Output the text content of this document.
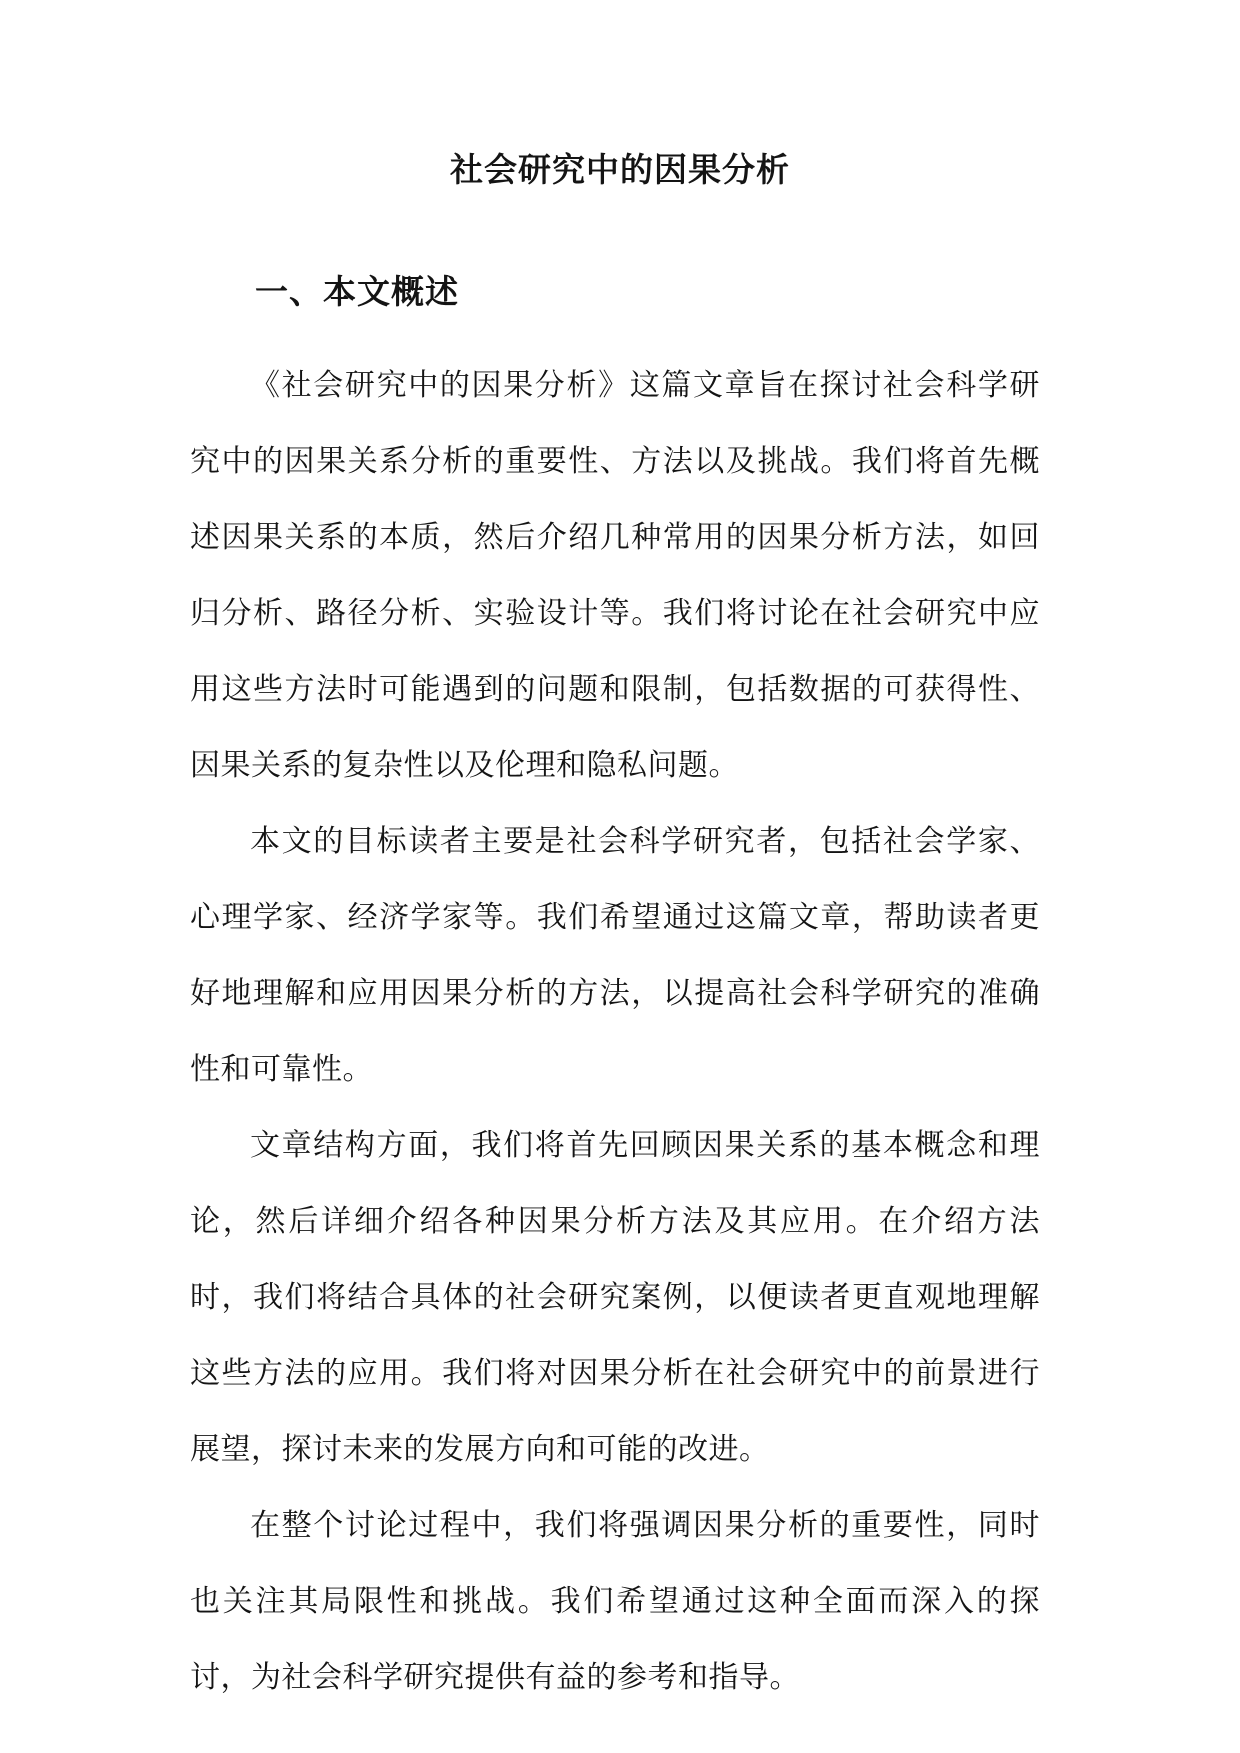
社会研究中的因果分析
一、本文概述

《社会研究中的因果分析》这篇文章旨在探讨社会科学研究中的因果关系分析的重要性、方法以及挑战。我们将首先概述因果关系的本质，然后介绍几种常用的因果分析方法，如回归分析、路径分析、实验设计等。我们将讨论在社会研究中应用这些方法时可能遇到的问题和限制，包括数据的可获得性、因果关系的复杂性以及伦理和隐私问题。

本文的目标读者主要是社会科学研究者，包括社会学家、心理学家、经济学家等。我们希望通过这篇文章，帮助读者更好地理解和应用因果分析的方法，以提高社会科学研究的准确性和可靠性。

文章结构方面，我们将首先回顾因果关系的基本概念和理论，然后详细介绍各种因果分析方法及其应用。在介绍方法时，我们将结合具体的社会研究案例，以便读者更直观地理解这些方法的应用。我们将对因果分析在社会研究中的前景进行展望，探讨未来的发展方向和可能的改进。

在整个讨论过程中，我们将强调因果分析的重要性，同时也关注其局限性和挑战。我们希望通过这种全面而深入的探讨，为社会科学研究提供有益的参考和指导。
